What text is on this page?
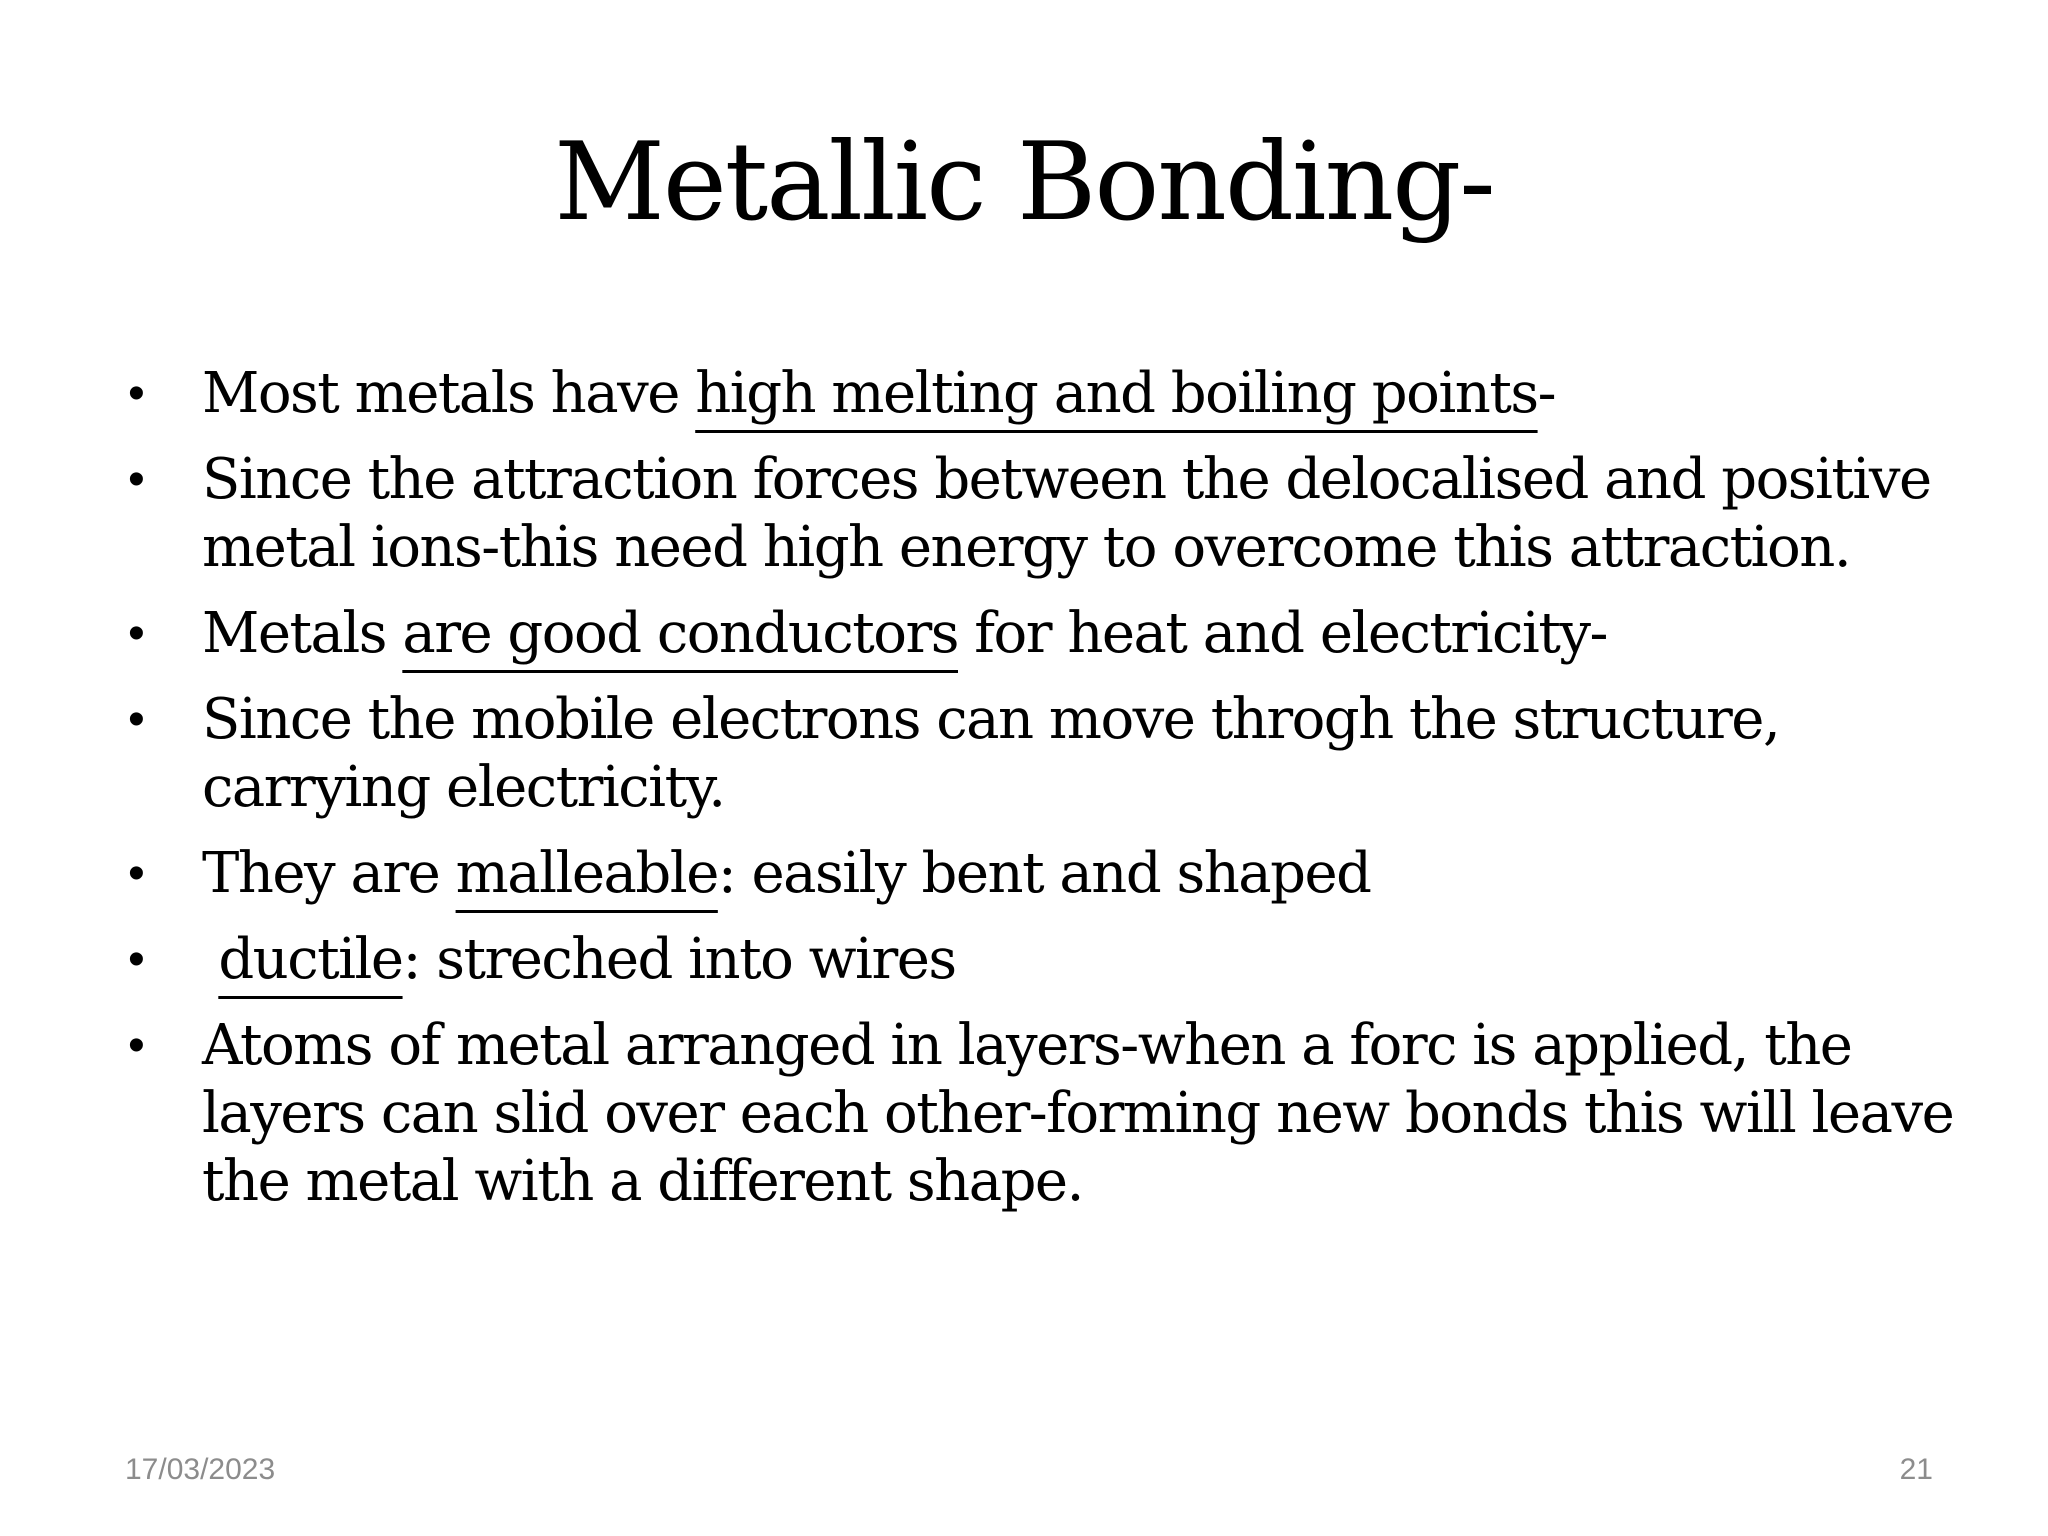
Metallic Bonding-
• Most metals have high melting and boiling points-
• Since the attraction forces between the delocalised and positive metal ions-this need high energy to overcome this attraction.
• Metals are good conductors for heat and electricity-
• Since the mobile electrons can move throgh the structure, carrying electricity.
• They are malleable: easily bent and shaped
• ductile: streched into wires
• Atoms of metal arranged in layers-when a forc is applied, the layers can slid over each other-forming new bonds this will leave the metal with a different shape.
17/03/2023	21
